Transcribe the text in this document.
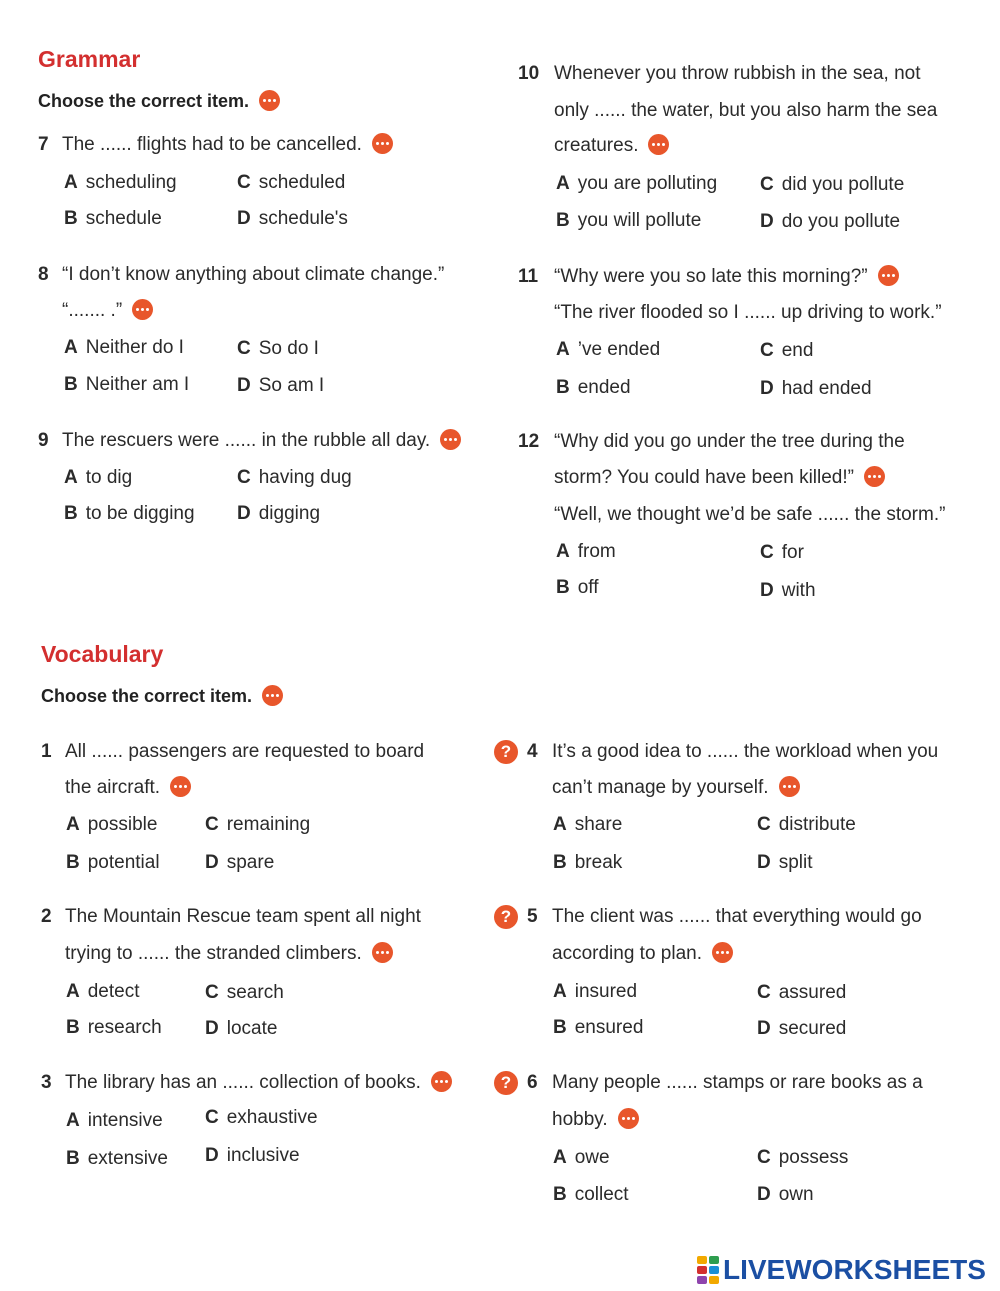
Grammar
Choose the correct item.
7 The ...... flights had to be cancelled.
A scheduling	C scheduled
B schedule	D schedule's
8 “I don’t know anything about climate change.”
“....... .”
A Neither do I	C So do I
B Neither am I	D So am I
9 The rescuers were ...... in the rubble all day.
A to dig	C having dug
B to be digging D digging
10 Whenever you throw rubbish in the sea, not
only ...... the water, but you also harm the sea
creatures.
A you are polluting C did you pollute
B you will pollute	D do you pollute
11 “Why were you so late this morning?”
“The river flooded so I ...... up driving to work.”
A ’ve ended	C end
B ended	D had ended
12 “Why did you go under the tree during the
storm? You could have been killed!”
“Well, we thought we’d be safe ...... the storm.”
A from	C for
B off	D with
Vocabulary
Choose the correct item.
1 All ...... passengers are requested to board
the aircraft.
A possible	C remaining
B potential D spare
2 The Mountain Rescue team spent all night
trying to ...... the stranded climbers.
A detect	C search
B research D locate
3 The library has an ...... collection of books.
A intensive C exhaustive
B extensive D inclusive
? 4 It’s a good idea to ...... the workload when you
can’t manage by yourself.
A share	C distribute
B break	D split
? 5 The client was ...... that everything would go
according to plan.
A insured	C assured
B ensured	D secured
? 6 Many people ...... stamps or rare books as a
hobby.
A owe	C possess
B collect	D own
LIVEWORKSHEETS
